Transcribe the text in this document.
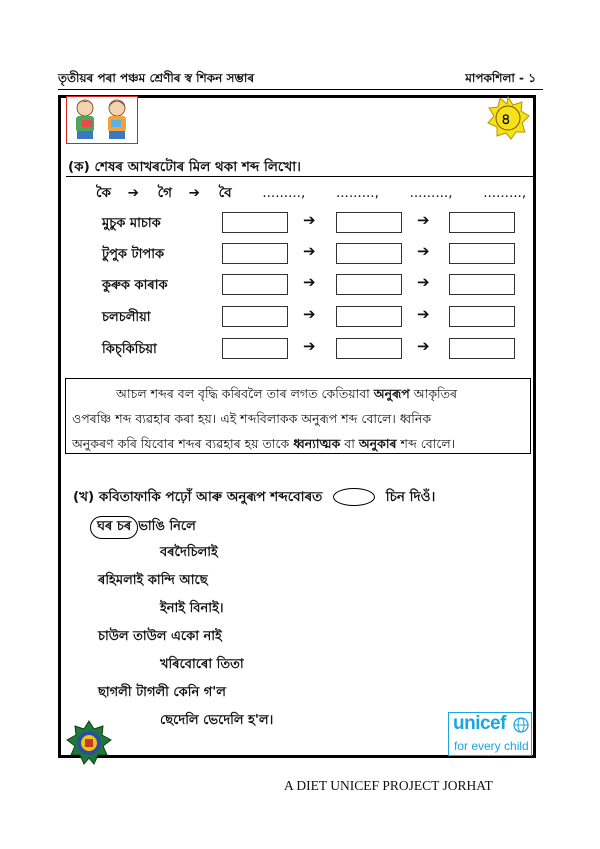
তৃতীয়ৰ পৰা পঞ্চম শ্ৰেণীৰ স্ব শিকন সম্ভাৰ	মাপকশিলা - ১
৪
(ক) শেষৰ আখৰটোৰ মিল থকা শব্দ লিখো।
কৈ ➔ গৈ ➔ বৈ ........., ........., ........., .........,
মুচুক মাচাক	➔	➔
টুপুক টাপাক	➔	➔
কুৰুক কাৰাক	➔	➔
চলচলীয়া	➔	➔
কিচ্‌কিচিয়া	➔	➔
আচল শব্দৰ বল বৃদ্ধি কৰিবলৈ তাৰ লগত কেতিয়াবা অনুৰূপ আকৃতিৰ
ওপৰঞ্চি শব্দ ব্যৱহাৰ কৰা হয়। এই শব্দবিলাকক অনুৰূপ শব্দ বোলে। ধ্বনিক
অনুকৰণ কৰি যিবোৰ শব্দৰ ব্যৱহাৰ হয় তাকে ধ্বন্যাত্মক বা অনুকাৰ শব্দ বোলে।
(খ) কবিতাফাকি পঢ়োঁ আৰু অনুৰূপ শব্দবোৰত	চিন দিওঁ।
ঘৰ চৰ ভাঙি নিলে
বৰদৈচিলাই
ৰহিমলাই কান্দি আছে
ইনাই বিনাই।
চাউল তাউল একো নাই
খৰিবোৰো তিতা
ছাগলী টাগলী কেনি গ'ল
ছেদেলি ভেদেলি হ'ল।	unicef
for every child
A DIET UNICEF PROJECT JORHAT
